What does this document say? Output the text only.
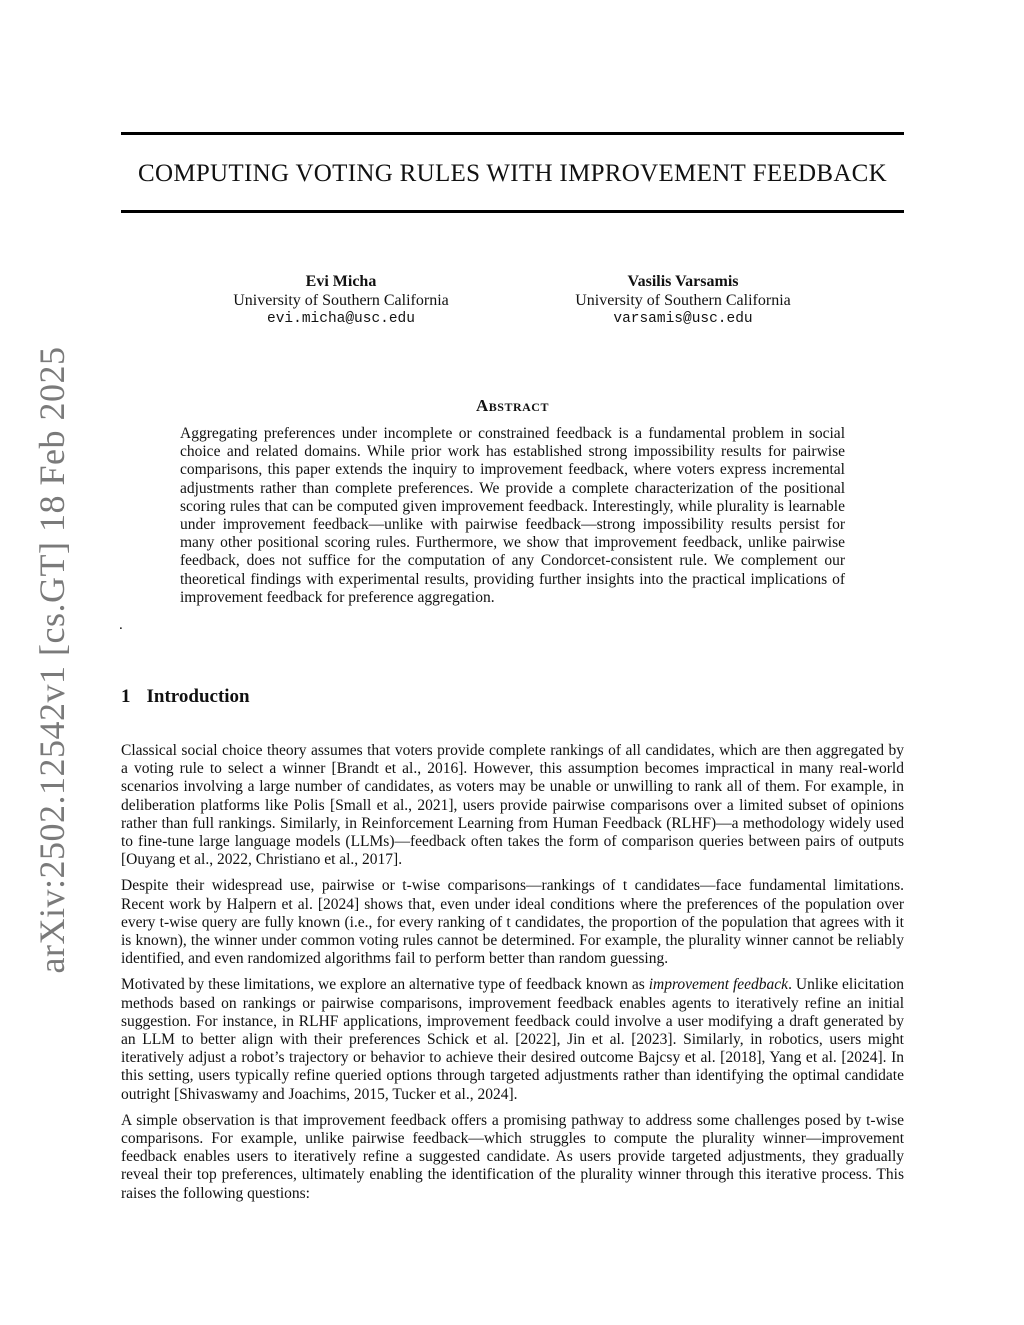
arXiv:2502.12542v1 [cs.GT] 18 Feb 2025
COMPUTING VOTING RULES WITH IMPROVEMENT FEEDBACK
Evi Micha
University of Southern California
evi.micha@usc.edu
Vasilis Varsamis
University of Southern California
varsamis@usc.edu
Abstract

Aggregating preferences under incomplete or constrained feedback is a fundamental problem in social choice and related domains. While prior work has established strong impossibility results for pairwise comparisons, this paper extends the inquiry to improvement feedback, where voters express incremental adjustments rather than complete preferences. We provide a complete characterization of the positional scoring rules that can be computed given improvement feedback. Interestingly, while plurality is learnable under improvement feedback—unlike with pairwise feedback—strong impossibility results persist for many other positional scoring rules. Furthermore, we show that improvement feedback, unlike pairwise feedback, does not suffice for the computation of any Condorcet-consistent rule. We complement our theoretical findings with experimental results, providing further insights into the practical implications of improvement feedback for preference aggregation.

.
1 Introduction

Classical social choice theory assumes that voters provide complete rankings of all candidates, which are then aggregated by a voting rule to select a winner [Brandt et al., 2016]. However, this assumption becomes impractical in many real-world scenarios involving a large number of candidates, as voters may be unable or unwilling to rank all of them. For example, in deliberation platforms like Polis [Small et al., 2021], users provide pairwise comparisons over a limited subset of opinions rather than full rankings. Similarly, in Reinforcement Learning from Human Feedback (RLHF)—a methodology widely used to fine-tune large language models (LLMs)—feedback often takes the form of comparison queries between pairs of outputs [Ouyang et al., 2022, Christiano et al., 2017].

Despite their widespread use, pairwise or t-wise comparisons—rankings of t candidates—face fundamental limitations. Recent work by Halpern et al. [2024] shows that, even under ideal conditions where the preferences of the population over every t-wise query are fully known (i.e., for every ranking of t candidates, the proportion of the population that agrees with it is known), the winner under common voting rules cannot be determined. For example, the plurality winner cannot be reliably identified, and even randomized algorithms fail to perform better than random guessing.

Motivated by these limitations, we explore an alternative type of feedback known as improvement feedback. Unlike elicitation methods based on rankings or pairwise comparisons, improvement feedback enables agents to iteratively refine an initial suggestion. For instance, in RLHF applications, improvement feedback could involve a user modifying a draft generated by an LLM to better align with their preferences Schick et al. [2022], Jin et al. [2023]. Similarly, in robotics, users might iteratively adjust a robot’s trajectory or behavior to achieve their desired outcome Bajcsy et al. [2018], Yang et al. [2024]. In this setting, users typically refine queried options through targeted adjustments rather than identifying the optimal candidate outright [Shivaswamy and Joachims, 2015, Tucker et al., 2024].

A simple observation is that improvement feedback offers a promising pathway to address some challenges posed by t-wise comparisons. For example, unlike pairwise feedback—which struggles to compute the plurality winner—improvement feedback enables users to iteratively refine a suggested candidate. As users provide targeted adjustments, they gradually reveal their top preferences, ultimately enabling the identification of the plurality winner through this iterative process. This raises the following questions:
